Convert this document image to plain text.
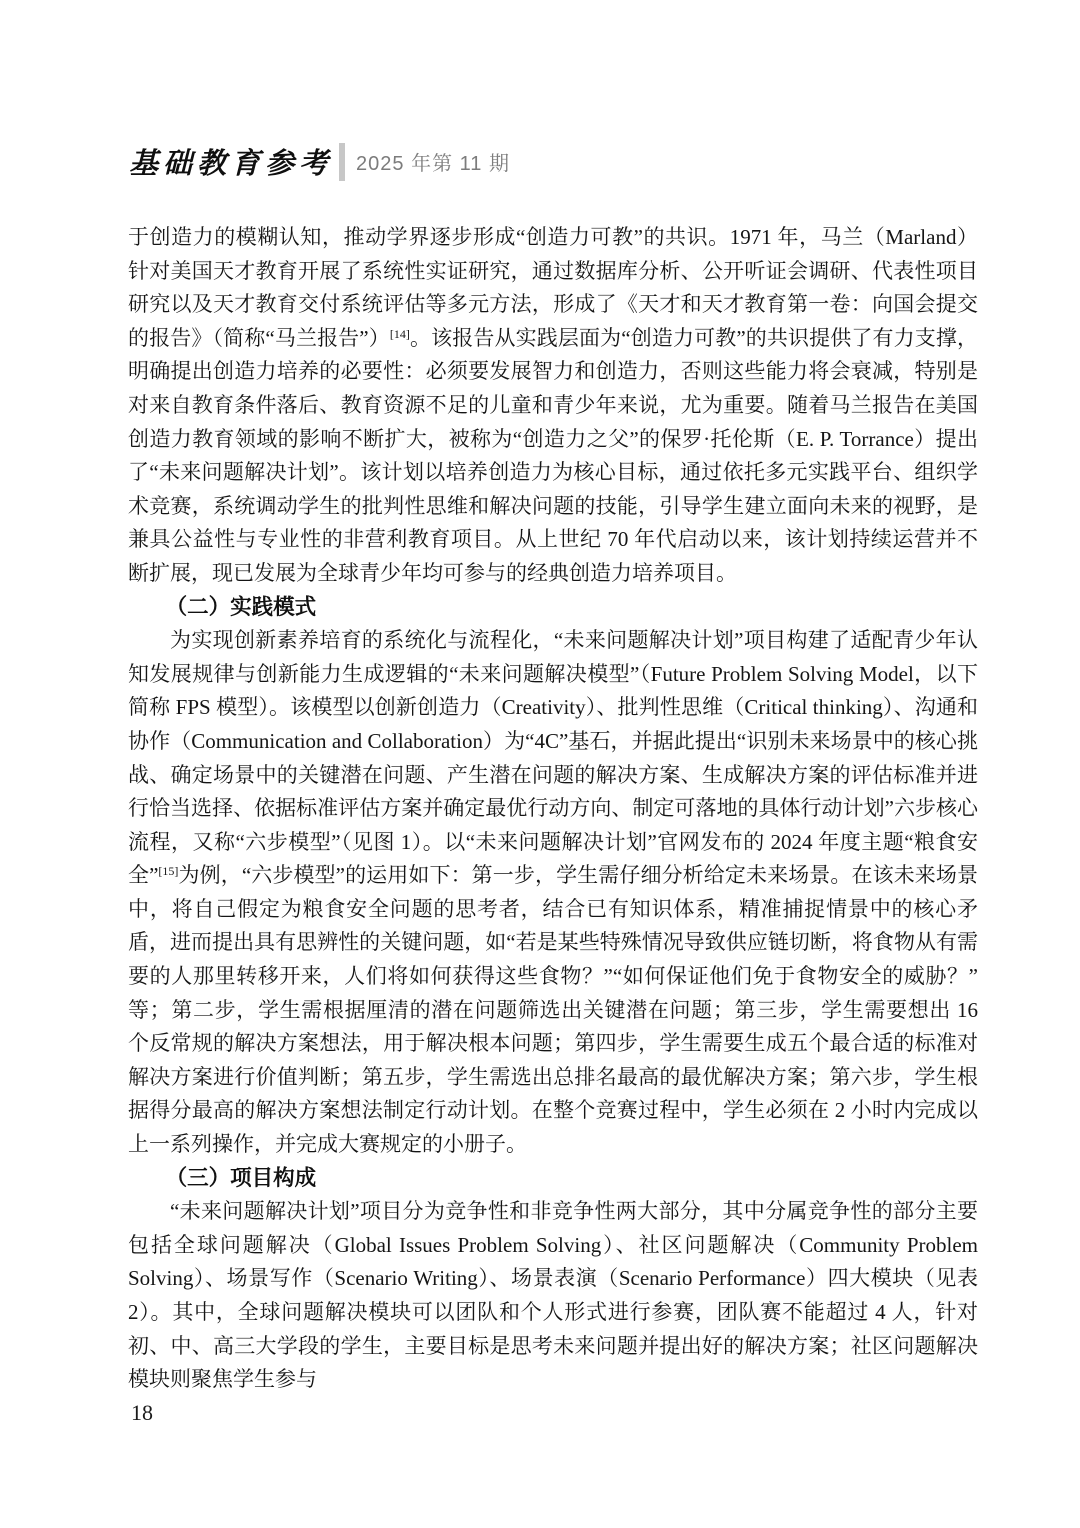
基础教育参考 2025 年第 11 期

于创造力的模糊认知，推动学界逐步形成“创造力可教”的共识。1971 年，马兰（Marland）针对美国天才教育开展了系统性实证研究，通过数据库分析、公开听证会调研、代表性项目研究以及天才教育交付系统评估等多元方法，形成了《天才和天才教育第一卷：向国会提交的报告》（简称“马兰报告”）[14]。该报告从实践层面为“创造力可教”的共识提供了有力支撑，明确提出创造力培养的必要性：必须要发展智力和创造力，否则这些能力将会衰减，特别是对来自教育条件落后、教育资源不足的儿童和青少年来说，尤为重要。随着马兰报告在美国创造力教育领域的影响不断扩大，被称为“创造力之父”的保罗·托伦斯（E. P. Torrance）提出了“未来问题解决计划”。该计划以培养创造力为核心目标，通过依托多元实践平台、组织学术竞赛，系统调动学生的批判性思维和解决问题的技能，引导学生建立面向未来的视野，是兼具公益性与专业性的非营利教育项目。从上世纪 70 年代启动以来，该计划持续运营并不断扩展，现已发展为全球青少年均可参与的经典创造力培养项目。

（二）实践模式

为实现创新素养培育的系统化与流程化，“未来问题解决计划”项目构建了适配青少年认知发展规律与创新能力生成逻辑的“未来问题解决模型”（Future Problem Solving Model，以下简称 FPS 模型）。该模型以创新创造力（Creativity）、批判性思维（Critical thinking）、沟通和协作（Communication and Collaboration）为“4C”基石，并据此提出“识别未来场景中的核心挑战、确定场景中的关键潜在问题、产生潜在问题的解决方案、生成解决方案的评估标准并进行恰当选择、依据标准评估方案并确定最优行动方向、制定可落地的具体行动计划”六步核心流程，又称“六步模型”（见图 1）。以“未来问题解决计划”官网发布的 2024 年度主题“粮食安全”[15]为例，“六步模型”的运用如下：第一步，学生需仔细分析给定未来场景。在该未来场景中，将自己假定为粮食安全问题的思考者，结合已有知识体系，精准捕捉情景中的核心矛盾，进而提出具有思辨性的关键问题，如“若是某些特殊情况导致供应链切断，将食物从有需要的人那里转移开来，人们将如何获得这些食物？”“如何保证他们免于食物安全的威胁？”等；第二步，学生需根据厘清的潜在问题筛选出关键潜在问题；第三步，学生需要想出 16 个反常规的解决方案想法，用于解决根本问题；第四步，学生需要生成五个最合适的标准对解决方案进行价值判断；第五步，学生需选出总排名最高的最优解决方案；第六步，学生根据得分最高的解决方案想法制定行动计划。在整个竞赛过程中，学生必须在 2 小时内完成以上一系列操作，并完成大赛规定的小册子。

（三）项目构成

“未来问题解决计划”项目分为竞争性和非竞争性两大部分，其中分属竞争性的部分主要包括全球问题解决（Global Issues Problem Solving）、社区问题解决（Community Problem Solving）、场景写作（Scenario Writing）、场景表演（Scenario Performance）四大模块（见表 2）。其中，全球问题解决模块可以团队和个人形式进行参赛，团队赛不能超过 4 人，针对初、中、高三大学段的学生，主要目标是思考未来问题并提出好的解决方案；社区问题解决模块则聚焦学生参与

18
